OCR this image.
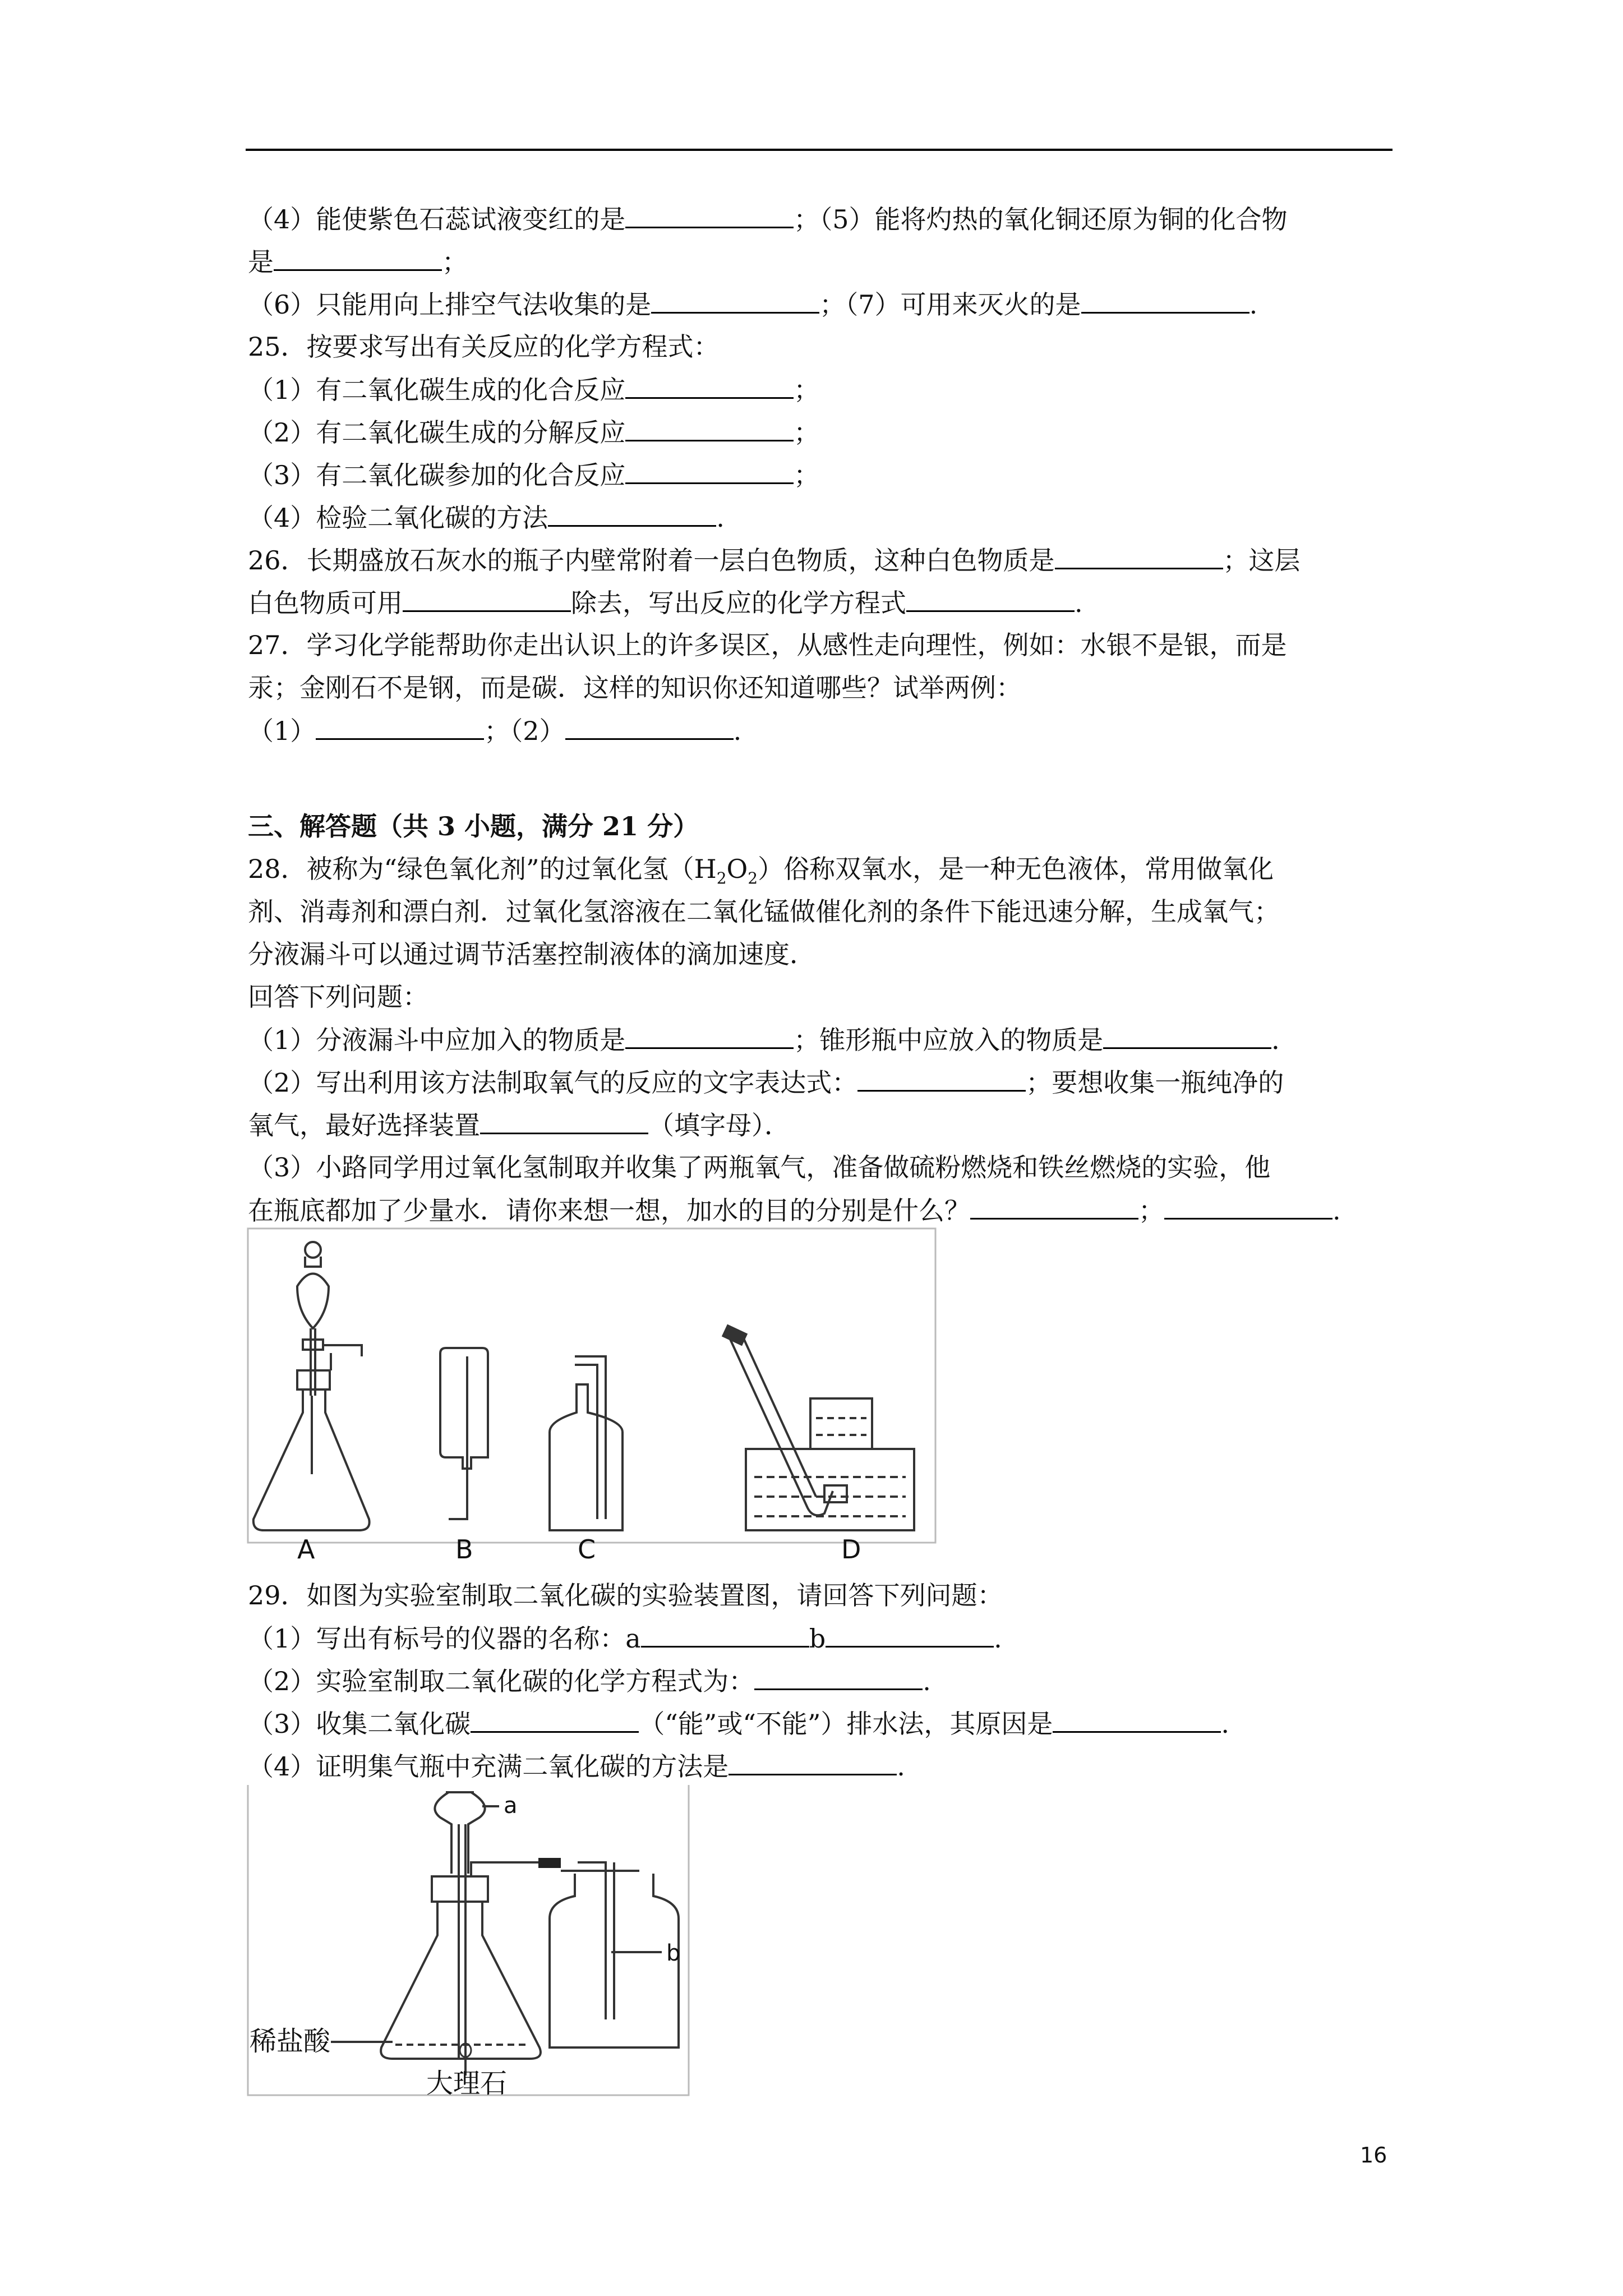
（4）能使紫色石蕊试液变红的是	；（5）能将灼热的氧化铜还原为铜的化合物
是	；
（6）只能用向上排空气法收集的是	；（7）可用来灭火的是	.
25．按要求写出有关反应的化学方程式：
（1）有二氧化碳生成的化合反应	；
（2）有二氧化碳生成的分解反应	；
（3）有二氧化碳参加的化合反应	；
（4）检验二氧化碳的方法	.
26．长期盛放石灰水的瓶子内壁常附着一层白色物质，这种白色物质是	；这层
白色物质可用	除去，写出反应的化学方程式	.
27．学习化学能帮助你走出认识上的许多误区，从感性走向理性，例如：水银不是银，而是
汞；金刚石不是钢，而是碳．这样的知识你还知道哪些？试举两例：
（1）	；（2）	.
三、解答题（共 3 小题，满分 21 分）
28．被称为“绿色氧化剂”的过氧化氢$(H_2O_2)$俗称双氧水，是一种无色液体，常用做氧化
剂、消毒剂和漂白剂．过氧化氢溶液在二氧化锰做催化剂的条件下能迅速分解，生成氧气；
分液漏斗可以通过调节活塞控制液体的滴加速度．
回答下列问题：
（1）分液漏斗中应加入的物质是	；锥形瓶中应放入的物质是	．
（2）写出利用该方法制取氧气的反应的文字表达式：	；要想收集一瓶纯净的
氧气，最好选择装置	（填字母）．
（3）小路同学用过氧化氢制取并收集了两瓶氧气，准备做硫粉燃烧和铁丝燃烧的实验，他
在瓶底都加了少量水．请你来想一想，加水的目的分别是什么？	；	.
A	B	C	D
29．如图为实验室制取二氧化碳的实验装置图，请回答下列问题：
（1）写出有标号的仪器的名称：a	b	.
（2）实验室制取二氧化碳的化学方程式为：	.
（3）收集二氧化碳	（“能”或“不能”）排水法，其原因是	.
（4）证明集气瓶中充满二氧化碳的方法是	.
a
b
稀盐酸
大理石
16
